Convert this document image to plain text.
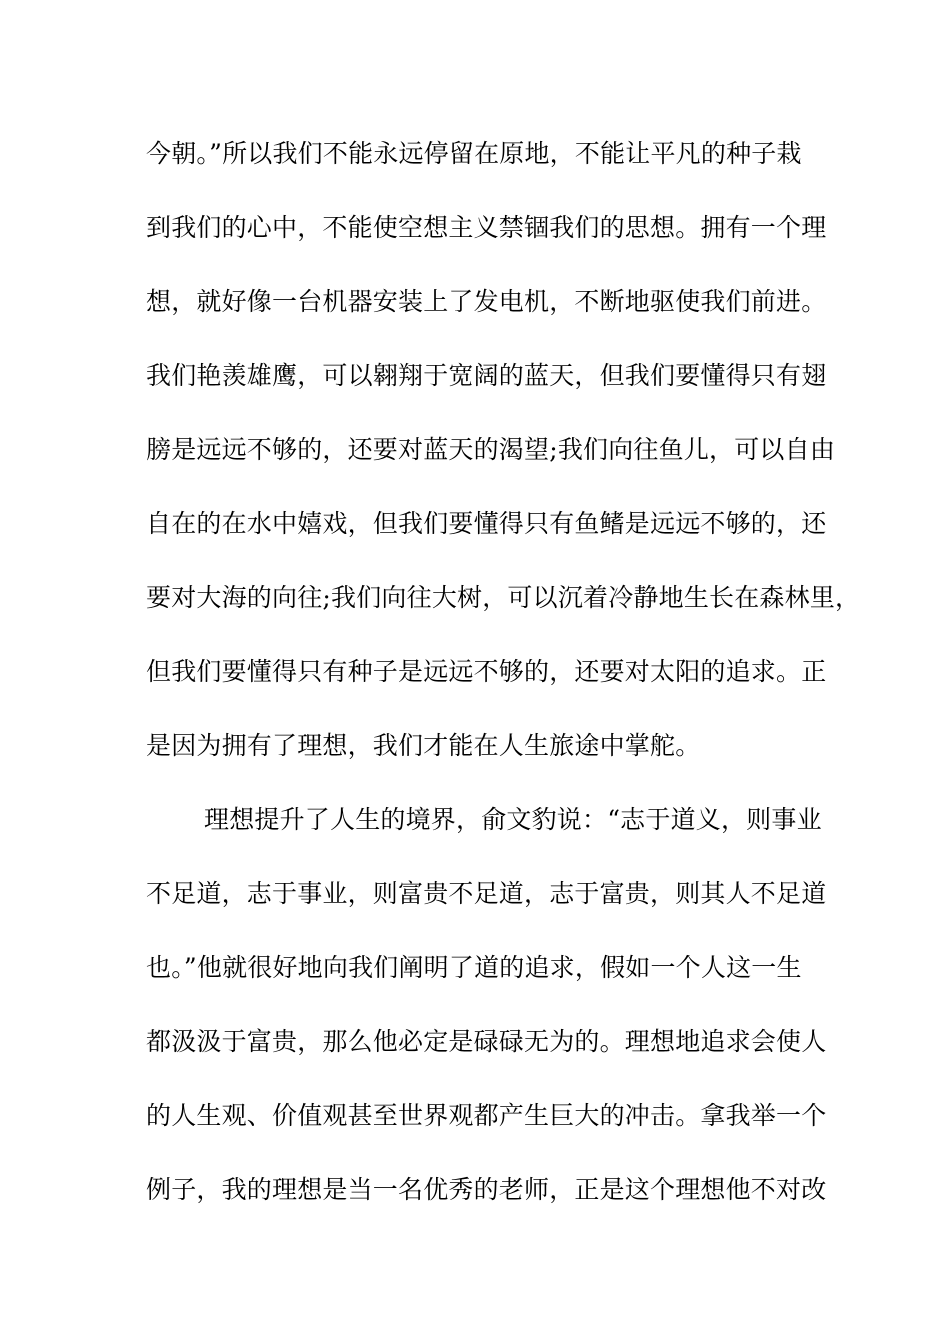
今朝。”所以我们不能永远停留在原地，不能让平凡的种子栽
到我们的心中，不能使空想主义禁锢我们的思想。拥有一个理
想，就好像一台机器安装上了发电机，不断地驱使我们前进。
我们艳羡雄鹰，可以翱翔于宽阔的蓝天，但我们要懂得只有翅
膀是远远不够的，还要对蓝天的渴望;我们向往鱼儿，可以自由
自在的在水中嬉戏，但我们要懂得只有鱼鳍是远远不够的，还
要对大海的向往;我们向往大树，可以沉着冷静地生长在森林里，
但我们要懂得只有种子是远远不够的，还要对太阳的追求。正
是因为拥有了理想，我们才能在人生旅途中掌舵。
理想提升了人生的境界，俞文豹说：“志于道义，则事业
不足道，志于事业，则富贵不足道，志于富贵，则其人不足道
也。”他就很好地向我们阐明了道的追求，假如一个人这一生
都汲汲于富贵，那么他必定是碌碌无为的。理想地追求会使人
的人生观、价值观甚至世界观都产生巨大的冲击。拿我举一个
例子，我的理想是当一名优秀的老师，正是这个理想他不对改
